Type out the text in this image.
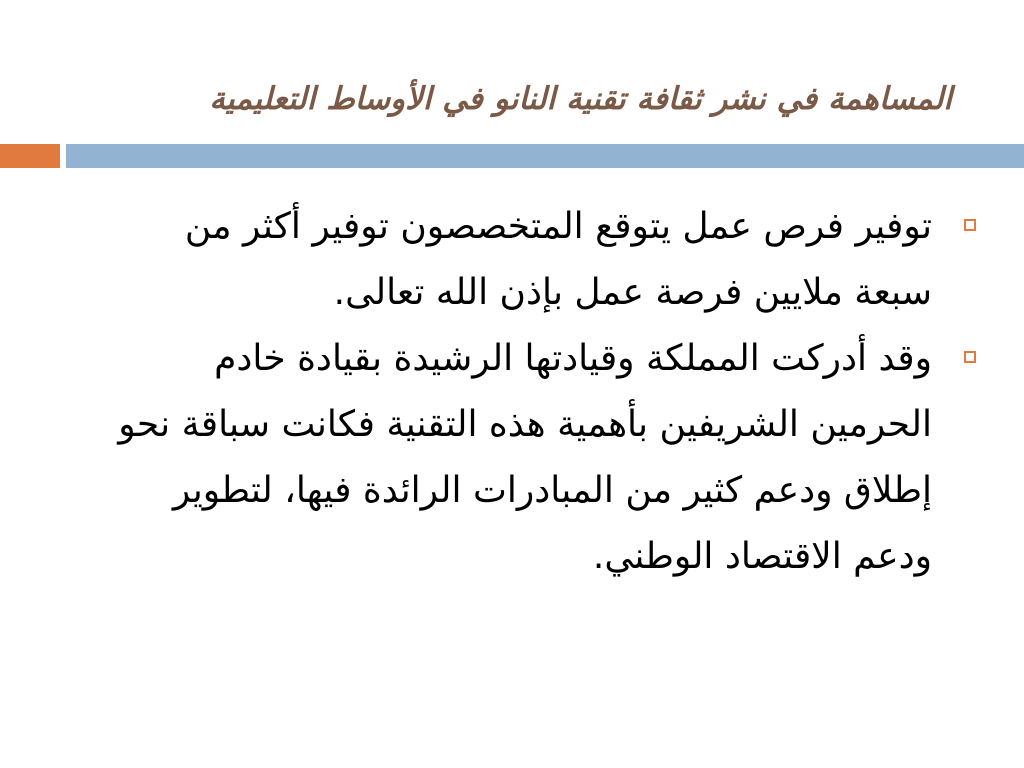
المساهمة في نشر ثقافة تقنية النانو في الأوساط التعليمية
توفير فرص عمل يتوقع المتخصصون توفير أكثر من سبعة ملايين فرصة عمل بإذن الله تعالى.
وقد أدركت المملكة وقيادتها الرشيدة بقيادة خادم الحرمين الشريفين بأهمية هذه التقنية فكانت سباقة نحو إطلاق ودعم كثير من المبادرات الرائدة فيها، لتطوير ودعم الاقتصاد الوطني.
